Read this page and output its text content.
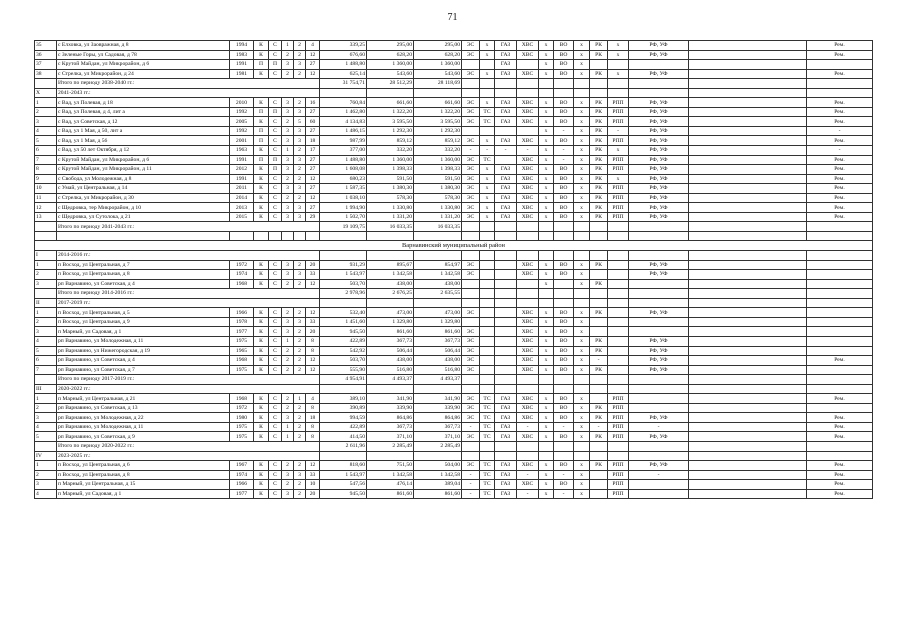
71
35	с Елховка, ул Заовражная, д 8	1994	К	С	1	2	4	339,25	295,00	295,00	ЭС	х	ГАЗ	ХВС	х	ВО	х	РК	х	РФ, УФ		Рем.
36	с Зеленые Горы, ул Садовая, д 78	1983	К	С	2	2	12	676,60	628,20	628,20	ЭС	х	ГАЗ	ХВС	х	ВО	х	РК	х	РФ, УФ		Рем.
37	с Крутой Майдан, ул Микрорайон, д 6	1991	П	П	3	3	27	1 488,80	1 360,00	1 360,00			ГАЗ		х	ВО	х					
38	с Стрелка, ул Микрорайон, д 24	1981	К	С	2	2	12	625,14	543,60	543,60	ЭС	х	ГАЗ	ХВС	х	ВО	х	РК	х	РФ, УФ		Рем.
	Итого по периоду 2038-2040 гг.:							31 754,71	28 512,29	28 118,69												
X	2041-2043 гг.:																					
1	с Вад, ул Полевая, д 18	2010	К	С	3	2	16	760,84	661,60	661,60	ЭС	х	ГАЗ	ХВС	х	ВО	х	РК	РПП	РФ, УФ		Рем.
2	с Вад, ул Полевая, д 4, лит а	1992	П	П	3	3	27	1 462,80	1 322,20	1 322,20	ЭС	ТС	ГАЗ	ХВС	х	ВО	х	РК	РПП	РФ, УФ		Рем.
3	с Вад, ул Советская, д 12	2005	К	С	2	5	60	4 134,83	3 595,50	3 595,50	ЭС	ТС	ГАЗ	ХВС	х	ВО	х	РК	РПП	РФ, УФ		Рем.
4	с Вад, ул 1 Мая, д 50, лит а	1992	П	С	3	3	27	1 486,15	1 292,30	1 292,30					х	-	х	РК	-	РФ, УФ		-
5	с Вад, ул 1 Мая, д 56	2001	П	С	3	3	18	987,99	859,12	859,12	ЭС	х	ГАЗ	ХВС	х	ВО	х	РК	РПП	РФ, УФ		Рем.
6	с Вад, ул 50 лет Октября, д 12	1963	К	С	1	2	17	377,00	332,20	332,20	-	-	-	-	х	-	х	РК	х	РФ, УФ		-
7	с Крутой Майдан, ул Микрорайон, д 6	1991	П	П	3	3	27	1 488,80	1 360,00	1 360,00	ЭС	ТС		ХВС	х	-	х	РК	РПП	РФ, УФ		Рем.
8	с Крутой Майдан, ул Микрорайон, д 11	2012	К	П	3	2	27	1 608,08	1 398,33	1 398,33	ЭС	х	ГАЗ	ХВС	х	ВО	х	РК	РПП	РФ, УФ		Рем.
9	с Свобода, ул Молодежная, д 8	1991	К	С	2	2	12	680,23	591,50	591,50	ЭС	х	ГАЗ	ХВС	х	ВО	х	РК	х	РФ, УФ		Рем.
10	с Умай, ул Центральная, д 14	2011	К	С	3	3	27	1 587,35	1 380,30	1 380,30	ЭС	х	ГАЗ	ХВС	х	ВО	х	РК	РПП	РФ, УФ		Рем.
11	с Стрелка, ул Микрорайон, д 30	2014	К	С	2	2	12	1 038,10	578,30	578,30	ЭС	х	ГАЗ	ХВС	х	ВО	х	РК	РПП	РФ, УФ		Рем.
12	с Щедровка, тер Микрорайон, д 10	2013	К	С	3	3	27	1 994,90	1 330,80	1 330,80	ЭС	х	ГАЗ	ХВС	х	ВО	х	РК	РПП	РФ, УФ		Рем.
13	с Щедровка, ул Сутолока, д 21	2015	К	С	3	3	29	1 502,70	1 331,20	1 331,20	ЭС	х	ГАЗ	ХВС	х	ВО	х	РК	РПП	РФ, УФ		Рем.
	Итого по периоду 2041-2043 гг.:							19 109,75	16 033,35	16 033,35												

Варнавинский муниципальный район																						
I	2014-2016 гг.:																					
1	п Восход, ул Центральная, д 7	1972	К	С	3	2	20	931,29	895,67	854,97	ЭС			ХВС	х	ВО	х	РК		РФ, УФ		
2	п Восход, ул Центральная, д 8	1974	К	С	3	3	33	1 543,97	1 342,58	1 342,58	ЭС			ХВС	х	ВО	х			РФ, УФ		
3	рп Варнавино, ул Советская, д 4	1968	К	С	2	2	12	503,70	438,00	438,00					х		х	РК				
	Итого по периоду 2014-2016 гг.:							2 978,96	2 676,25	2 635,55												
II	2017-2019 гг.:																					
1	п Восход, ул Центральная, д 5	1966	К	С	2	2	12	532,40	473,00	473,00	ЭС			ХВС	х	ВО	х	РК		РФ, УФ		
2	п Восход, ул Центральная, д 9	1978	К	С	3	3	33	1 451,60	1 329,80	1 329,80				ХВС	х	ВО	х					
3	п Марный, ул Садовая, д 1	1977	К	С	3	2	20	945,50	861,60	861,60	ЭС			ХВС	х	ВО	х					
4	рп Варнавино, ул Молодежная, д 11	1975	К	С	1	2	8	422,89	367,73	367,73	ЭС			ХВС	х	ВО	х	РК		РФ, УФ		
5	рп Варнавино, ул Нижегородская, д 19	1965	К	С	2	2	8	542,92	506,44	506,44	ЭС			ХВС	х	ВО	х	РК		РФ, УФ		
6	рп Варнавино, ул Советская, д 4	1968	К	С	2	2	12	503,70	438,00	438,00	ЭС			ХВС	х	ВО	х	-		РФ, УФ		Рем.
7	рп Варнавино, ул Советская, д 7	1975	К	С	2	2	12	555,90	516,80	516,80	ЭС			ХВС	х	ВО	х	РК		РФ, УФ		
	Итого по периоду 2017-2019 гг.:							4 954,91	4 493,37	4 493,37												
III	2020-2022 гг.:																					
1	п Марный, ул Центральная, д 21	1968	К	С	2	1	4	389,10	341,90	341,90	ЭС	ТС	ГАЗ	ХВС	х	ВО	х		РПП			Рем.
2	рп Варнавино, ул Советская, д 13	1972	К	С	2	2	8	390,89	339,90	339,90	ЭС	ТС	ГАЗ	ХВС	х	ВО	х	РК	РПП			
3	рп Варнавино, ул Молодежная, д 22	1980	К	С	3	2	18	994,59	864,86	864,86	ЭС	ТС	ГАЗ	ХВС	х	ВО	х	РК	РПП	РФ, УФ		Рем.
4	рп Варнавино, ул Молодежная, д 11	1975	К	С	1	2	8	422,89	367,73	367,73	-	ТС	ГАЗ	-	х	-	х	-	РПП	-		Рем.
5	рп Варнавино, ул Советская, д 9	1975	К	С	1	2	8	414,50	371,10	371,10	ЭС	ТС	ГАЗ	ХВС	х	ВО	х	РК	РПП	РФ, УФ		Рем.
	Итого по периоду 2020-2022 гг.:							2 611,96	2 285,49	2 285,49												
IV	2023-2025 гг.:																					
1	п Восход, ул Центральная, д 6	1967	К	С	2	2	12	818,60	751,50	504,00	ЭС	ТС	ГАЗ	ХВС	х	ВО	х	РК	РПП	РФ, УФ		Рем.
2	п Восход, ул Центральная, д 8	1974	К	С	3	3	33	1 543,97	1 342,58	1 342,58	-	ТС	ГАЗ	-	х	-	х		РПП	-		Рем.
3	п Марный, ул Центральная, д 15	1966	К	С	2	2	10	547,56	476,14	389,04	-	ТС	ГАЗ	ХВС	х	ВО	х		РПП			Рем.
4	п Марный, ул Садовая, д 1	1977	К	С	3	2	20	945,50	861,60	861,60	-	ТС	ГАЗ	-	х	-	х		РПП			Рем.
